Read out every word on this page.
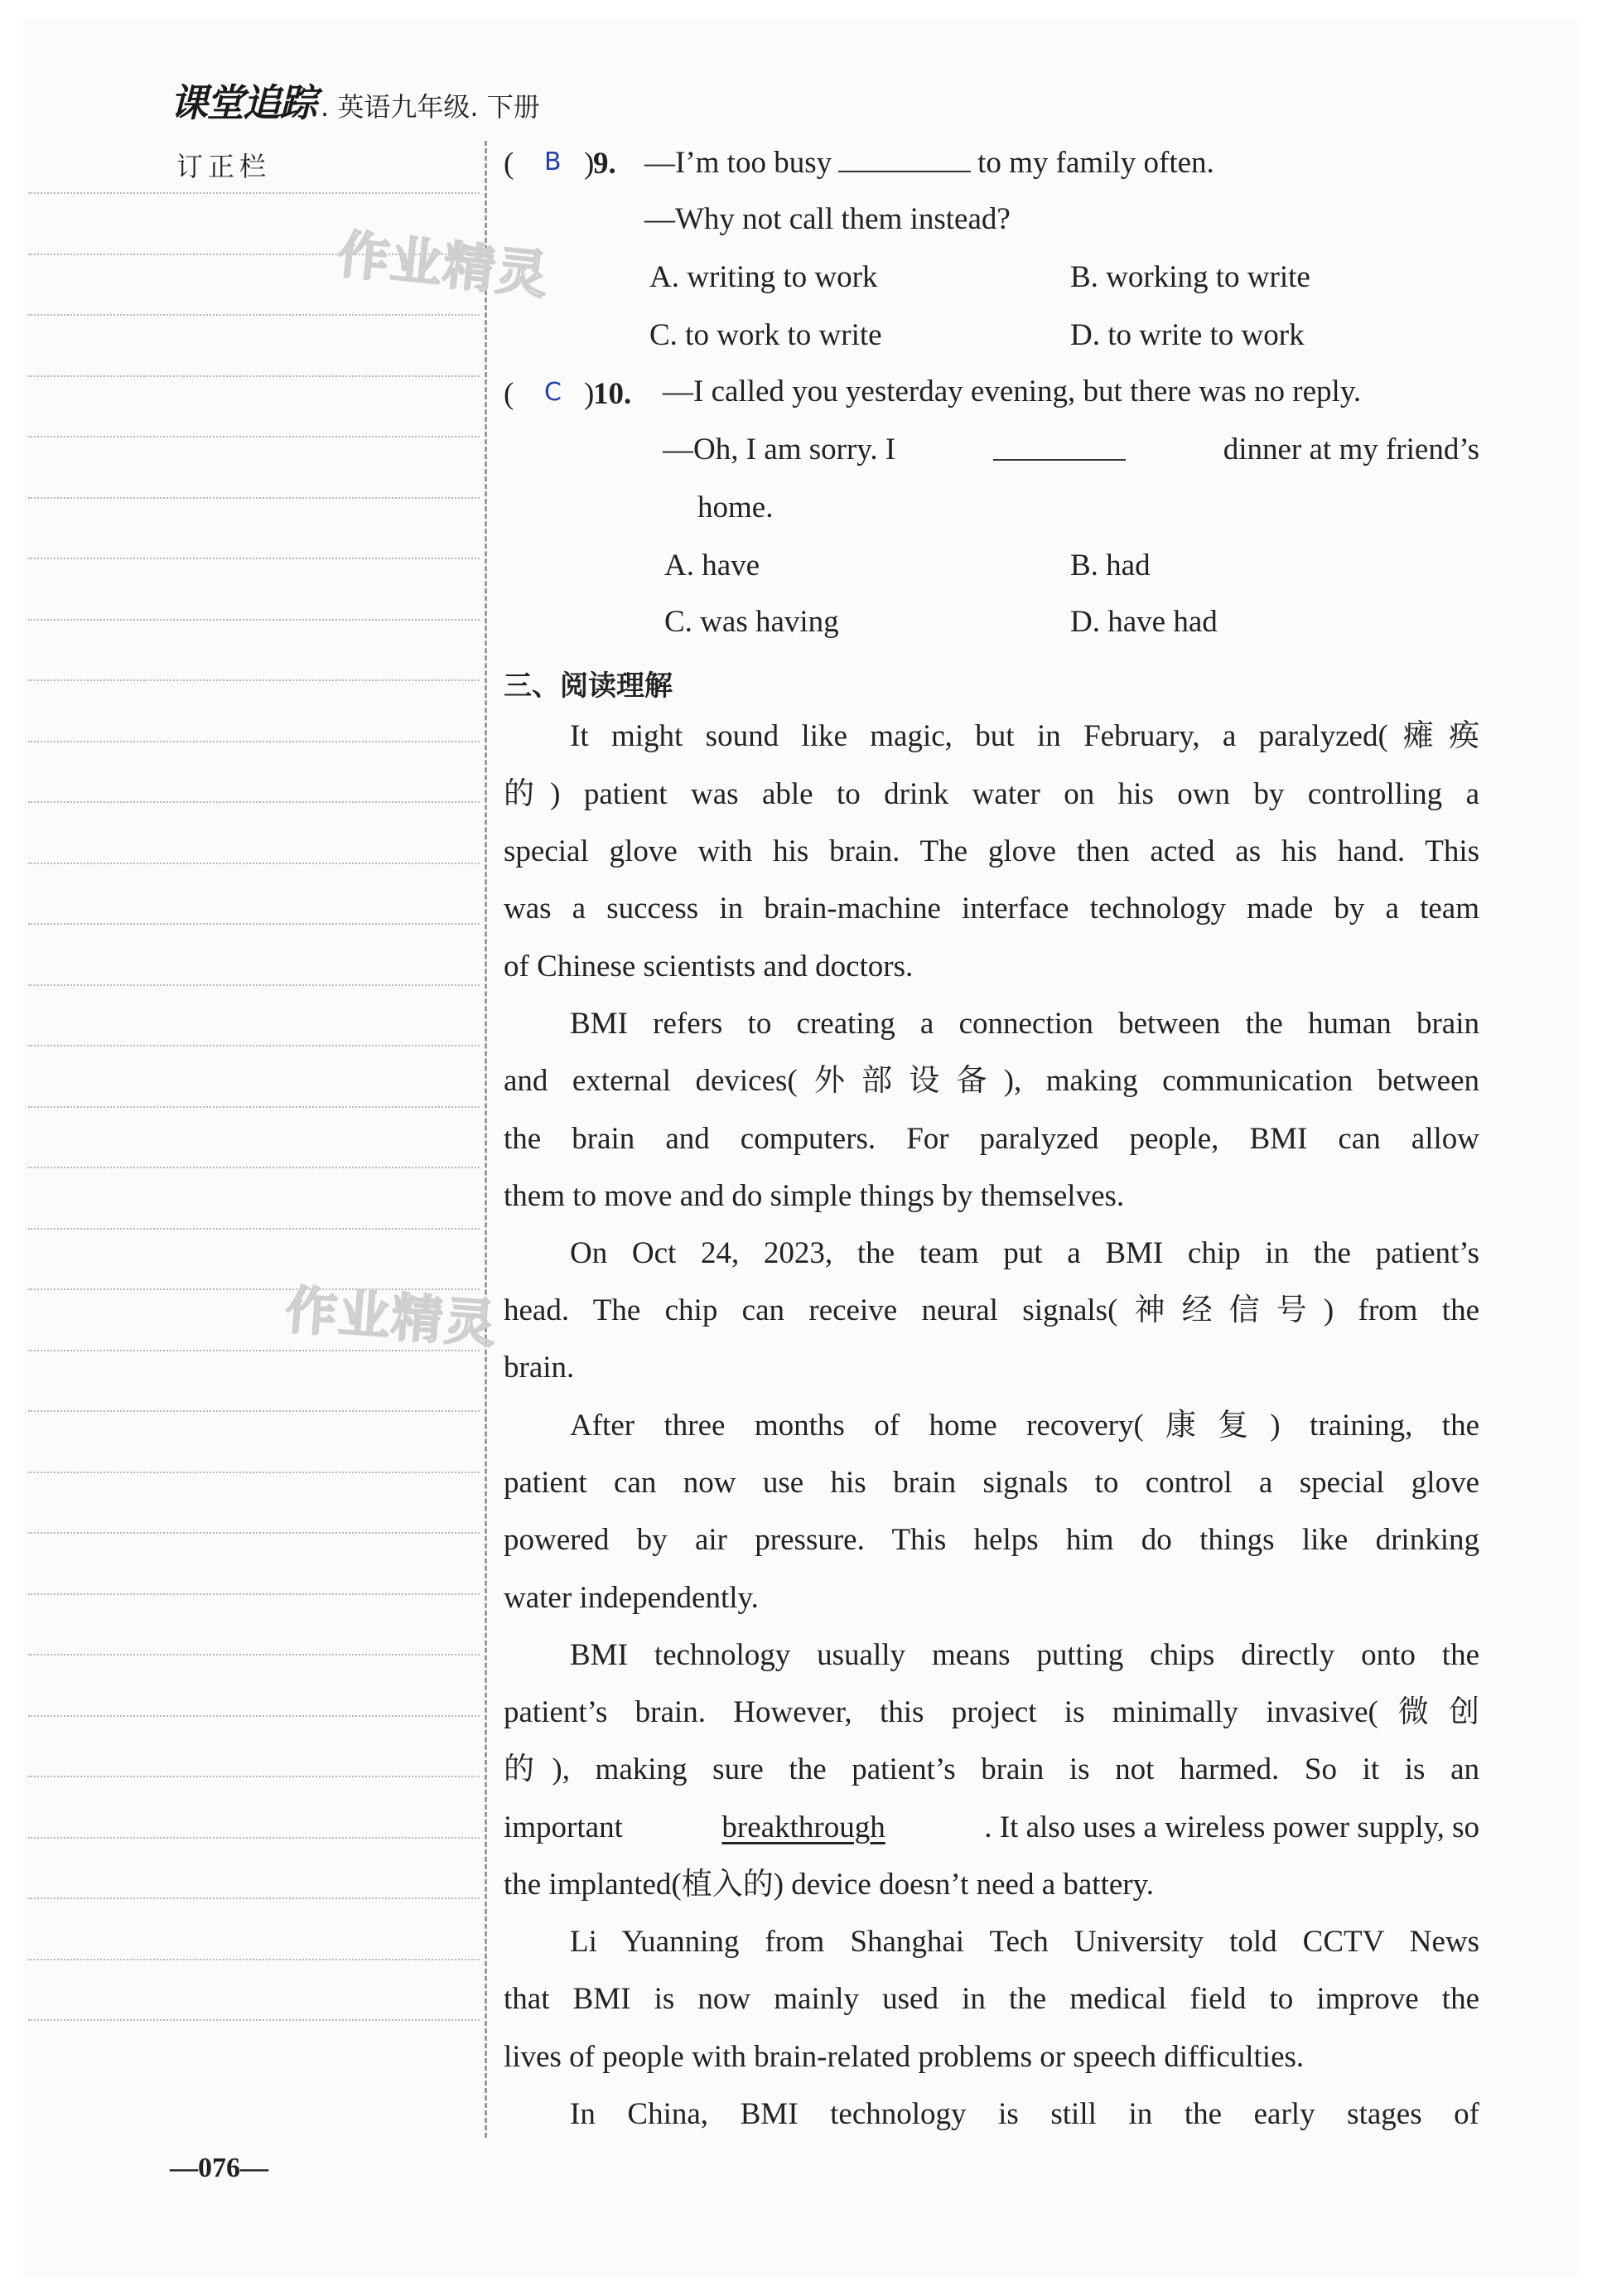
课堂追踪 . 英语九年级. 下册
订正栏
作业精灵
作业精灵
( B )
9. —I’m too busy	to my family often.
—Why not call them instead?
A. writing to work	B. working to write
C. to work to write	D. to write to work
( C )
10. —I called you yesterday evening, but there was no reply.
—Oh, I am sorry. I	dinner at my friend’s
home.
A. have	B. had
C. was having	D. have had
三、阅读理解
It might sound like magic, but in February, a paralyzed(瘫痪
的) patient was able to drink water on his own by controlling a
special glove with his brain. The glove then acted as his hand. This
was a success in brain-machine interface technology made by a team
of Chinese scientists and doctors.
BMI refers to creating a connection between the human brain
and external devices(外部设备), making communication between
the brain and computers. For paralyzed people, BMI can allow
them to move and do simple things by themselves.
On Oct 24, 2023, the team put a BMI chip in the patient’s
head. The chip can receive neural signals(神经信号) from the
brain.
After three months of home recovery(康复) training, the
patient can now use his brain signals to control a special glove
powered by air pressure. This helps him do things like drinking
water independently.
BMI technology usually means putting chips directly onto the
patient’s brain. However, this project is minimally invasive(微创
的), making sure the patient’s brain is not harmed. So it is an
important	breakthrough	. It also uses a wireless power supply, so
the implanted(植入的) device doesn’t need a battery.
Li Yuanning from Shanghai Tech University told CCTV News
that BMI is now mainly used in the medical field to improve the
lives of people with brain-related problems or speech difficulties.
In China, BMI technology is still in the early stages of
—076—
